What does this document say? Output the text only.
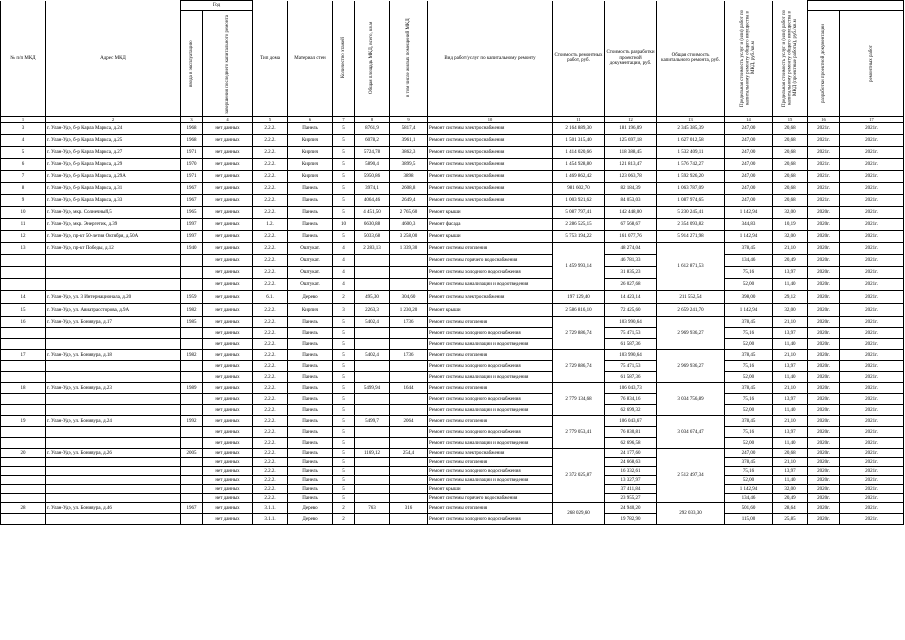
№ п/п МКД	Адрес МКД	Год		Тип дома	Материал стен	Количество этажей	Общая площадь МКД, всего, кв.м	в том числе жилых помещений МКД	Вид работ/услуг по капитальному ремонту	Стоимость ремонтных работ, руб.	Стоимость разработки проектной документации, руб.	Общая стоимость капитального ремонта, руб.	Предельная стоимость услуг и (или) работ по капитальному ремонту общего имущества в МКД, руб./кв.м	Предельная стоимость услуг и (или) работ по капитальному ремонту общего имущества в МКД (проектные работы), руб./кв.м		

		ввода в эксплуатацию	завершения последнего капитального ремонта												разработки проектной документации	ремонтных работ

1	2	3	4	5	6	7	8	9	10	11	12	13	14	15	16	17
3	г. Улан-Удэ, б-р Карла Маркса, д.24	1968	нет данных	2.2.2.	Панель	5	8761,9	5817,4	Ремонт системы электроснабжения	2 164 889,30	181 196,09	2 345 385,39	247,00	20,68	2021г.	2021г.
4	г. Улан-Удэ, б-р Карла Маркса, д.25	1968	нет данных	2.2.2.	Кирпич	5	6078,2	3961,1	Ремонт системы электроснабжения	1 501 315,40	125 697,18	1 627 012,58	247,00	20,68	2021г.	2021г.
5	г. Улан-Удэ, б-р Карла Маркса, д.27	1971	нет данных	2.2.2.	Кирпич	5	5724,78	3862,3	Ремонт системы электроснабжения	1 414 020,66	118 388,45	1 532 409,11	247,00	20,68	2021г.	2021г.
6	г. Улан-Удэ, б-р Карла Маркса, д.29	1970	нет данных	2.2.2.	Кирпич	5	5890,4	3899,5	Ремонт системы электроснабжения	1 454 928,80	121 813,47	1 576 742,27	247,00	20,68	2021г.	2021г.
7	г. Улан-Удэ, б-р Карла Маркса, д.29А	1971	нет данных	2.2.2.	Кирпич	5	5950,86	3898	Ремонт системы электроснабжения	1 469 862,42	123 063,78	1 592 926,20	247,00	20,68	2021г.	2021г.
8	г. Улан-Удэ, б-р Карла Маркса, д.31	1967	нет данных	2.2.2.	Панель	5	3974,1	2608,8	Ремонт системы электроснабжения	981 602,70	82 184,39	1 063 787,09	247,00	20,68	2021г.	2021г.
9	г. Улан-Удэ, б-р Карла Маркса, д.33	1967	нет данных	2.2.2.	Панель	5	4064,46	2649,4	Ремонт системы электроснабжения	1 003 921,62	84 053,03	1 087 974,65	247,00	20,68	2021г.	2021г.
10	г. Улан-Удэ, мкр. Солнечный,5	1965	нет данных	2.2.2.	Панель	5	4 451,50	2 765,60	Ремонт крыши	5 087 797,41	142 448,00	5 230 245,41	1 142,94	32,00	2020г.	2021г.
11	г. Улан-Удэ, мкр. Энергетик, д.39	1997	нет данных	1.2.	Панель	10	6630,88	4600,3	Ремонт фасада	2 286 525,15	67 568,67	2 354 093,82	344,83	10,19	2020г.	2021г.
12	г. Улан-Удэ, пр-кт 50-летия Октября, д.50А	1997	нет данных	2.2.2.	Панель	5	5033,68	3 258,00	Ремонт крыши	5 753 194,22	161 077,76	5 914 271,98	1 142,94	32,00	2020г.	2021г.
13	г. Улан-Удэ, пр-кт Победы, д.12	1940	нет данных	2.2.2.	Оштукат.	4	2 283,13	1 339,30	Ремонт системы отопления	1 459 993,14	48 274,04	1 612 871,53	378,45	21,10	2020г.	2021г.
			нет данных	2.2.2.	Оштукат.	4			Ремонт системы горячего водоснабжения		46 781,33		134,46	20,49	2020г.	2021г.
			нет данных	2.2.2.	Оштукат.	4			Ремонт системы холодного водоснабжения		31 835,23		75,16	13,97	2020г.	2021г.
			нет данных	2.2.2.	Оштукат.	4			Ремонт системы канализации и водоотведения		26 027,68		52,00	11,40	2020г.	2021г.
14	г. Улан-Удэ, ул. 3 Интернационала, д.20	1959	нет данных	6.1.	Дерево	2	495,30	304,60	Ремонт системы электроснабжения	197 129,40	14 423,14	211 552,54	398,00	29,12	2020г.	2021г.
15	г. Улан-Удэ, ул. Авиатрассторова, д.9А	1982	нет данных	2.2.2.	Кирпич	3	2263,3	1 230,20	Ремонт крыши	2 586 816,10	72 425,60	2 659 241,70	1 142,94	32,00	2020г.	2021г.
16	г. Улан-Удэ, ул. Бонивура, д.17	1985	нет данных	2.2.2.	Панель	5	5402,4	1736	Ремонт системы отопления	2 729 886,74	103 990,64	2 969 936,27	378,45	21,10	2020г.	2021г.
			нет данных	2.2.2.	Панель	5			Ремонт системы холодного водоснабжения		75 471,53		75,16	13,97	2020г.	2021г.
			нет данных	2.2.2.	Панель	5			Ремонт системы канализации и водоотведения		61 587,36		52,00	11,40	2020г.	2021г.
17	г. Улан-Удэ, ул. Бонивура, д.18	1982	нет данных	2.2.2.	Панель	5	5402,4	1736	Ремонт системы отопления	2 729 886,74	103 990,64	2 969 936,27	378,45	21,10	2020г.	2021г.
			нет данных	2.2.2.	Панель	5			Ремонт системы холодного водоснабжения		75 471,53		75,16	13,97	2020г.	2021г.
			нет данных	2.2.2.	Панель	5			Ремонт системы канализации и водоотведения		61 587,36		52,00	11,40	2020г.	2021г.
18	г. Улан-Удэ, ул. Бонивура, д.23	1989	нет данных	2.2.2.	Панель	5	5499,94	1644	Ремонт системы отопления	2 779 134,68	106 043,73	3 034 756,89	378,45	21,10	2020г.	2021г.
			нет данных	2.2.2.	Панель	5			Ремонт системы холодного водоснабжения		76 834,16		75,16	13,97	2020г.	2021г.
			нет данных	2.2.2.	Панель	5			Ремонт системы канализации и водоотведения		62 699,32		52,00	11,40	2020г.	2021г.
19	г. Улан-Удэ, ул. Бонивура, д.24	1992	нет данных	2.2.2.	Панель	5	5499,7	2064	Ремонт системы отопления	2 779 053,41	106 043,67	3 034 674,47	378,45	21,10	2020г.	2021г.
			нет данных	2.2.2.	Панель	5			Ремонт системы холодного водоснабжения		76 830,81		75,16	13,97	2020г.	2021г.
			нет данных	2.2.2.	Панель	5			Ремонт системы канализации и водоотведения		62 696,58		52,00	11,40	2020г.	2021г.
20	г. Улан-Удэ, ул. Бонивура, д.26	2005	нет данных	2.2.2.	Панель	5	1169,12	254,4	Ремонт системы электроснабжения	2 372 025,87	24 177,60	2 512 497,34	247,00	20,68	2020г.	2021г.
			нет данных	2.2.2.	Панель	5			Ремонт системы отопления		24 668,63		378,45	21,10	2020г.	2021г.
			нет данных	2.2.2.	Панель	5			Ремонт системы холодного водоснабжения		16 332,61		75,16	13,97	2020г.	2021г.
			нет данных	2.2.2.	Панель	5			Ремонт системы канализации и водоотведения		13 327,97		52,00	11,40	2020г.	2021г.
			нет данных	2.2.2.	Панель	5			Ремонт крыши		37 411,84		1 142,94	32,00	2020г.	2021г.
			нет данных	2.2.2.	Панель	5			Ремонт системы горячего водоснабжения		23 955,27		134,46	20,49	2020г.	2021г.
28	г. Улан-Удэ, ул. Бонивура, д.46	1967	нет данных	3.1.1.	Дерево	2	763	316	Ремонт системы отопления	268 029,60	24 940,20	292 033,30	501,60	28,64	2020г.	2021г.
			нет данных	3.1.1.	Дерево	2			Ремонт системы холодного водоснабжения		19 782,90		115,00	25,85	2020г.	2021г.
